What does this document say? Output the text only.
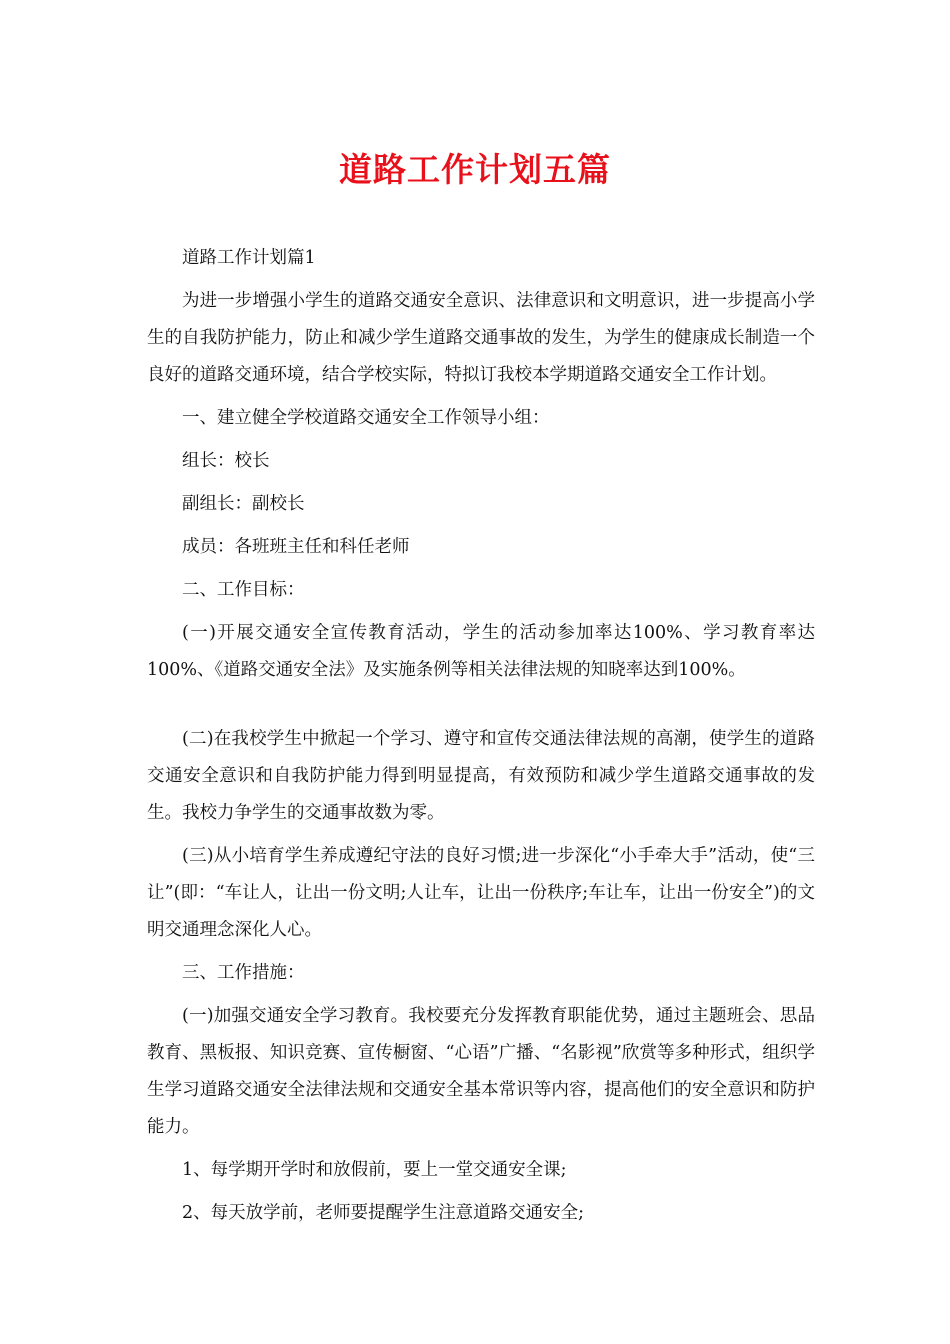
道路工作计划五篇

道路工作计划篇1

为进一步增强小学生的道路交通安全意识、法律意识和文明意识，进一步提高小学生的自我防护能力，防止和减少学生道路交通事故的发生，为学生的健康成长制造一个良好的道路交通环境，结合学校实际，特拟订我校本学期道路交通安全工作计划。

一、建立健全学校道路交通安全工作领导小组：

组长：校长

副组长：副校长

成员：各班班主任和科任老师

二、工作目标：

(一)开展交通安全宣传教育活动，学生的活动参加率达100%、学习教育率达100%、《道路交通安全法》及实施条例等相关法律法规的知晓率达到100%。

(二)在我校学生中掀起一个学习、遵守和宣传交通法律法规的高潮，使学生的道路交通安全意识和自我防护能力得到明显提高，有效预防和减少学生道路交通事故的发生。我校力争学生的交通事故数为零。

(三)从小培育学生养成遵纪守法的良好习惯;进一步深化“小手牵大手”活动，使“三让”(即：“车让人，让出一份文明;人让车，让出一份秩序;车让车，让出一份安全”)的文明交通理念深化人心。

三、工作措施：

(一)加强交通安全学习教育。我校要充分发挥教育职能优势，通过主题班会、思品教育、黑板报、知识竞赛、宣传橱窗、“心语”广播、“名影视”欣赏等多种形式，组织学生学习道路交通安全法律法规和交通安全基本常识等内容，提高他们的安全意识和防护能力。

1、每学期开学时和放假前，要上一堂交通安全课;

2、每天放学前，老师要提醒学生注意道路交通安全;
